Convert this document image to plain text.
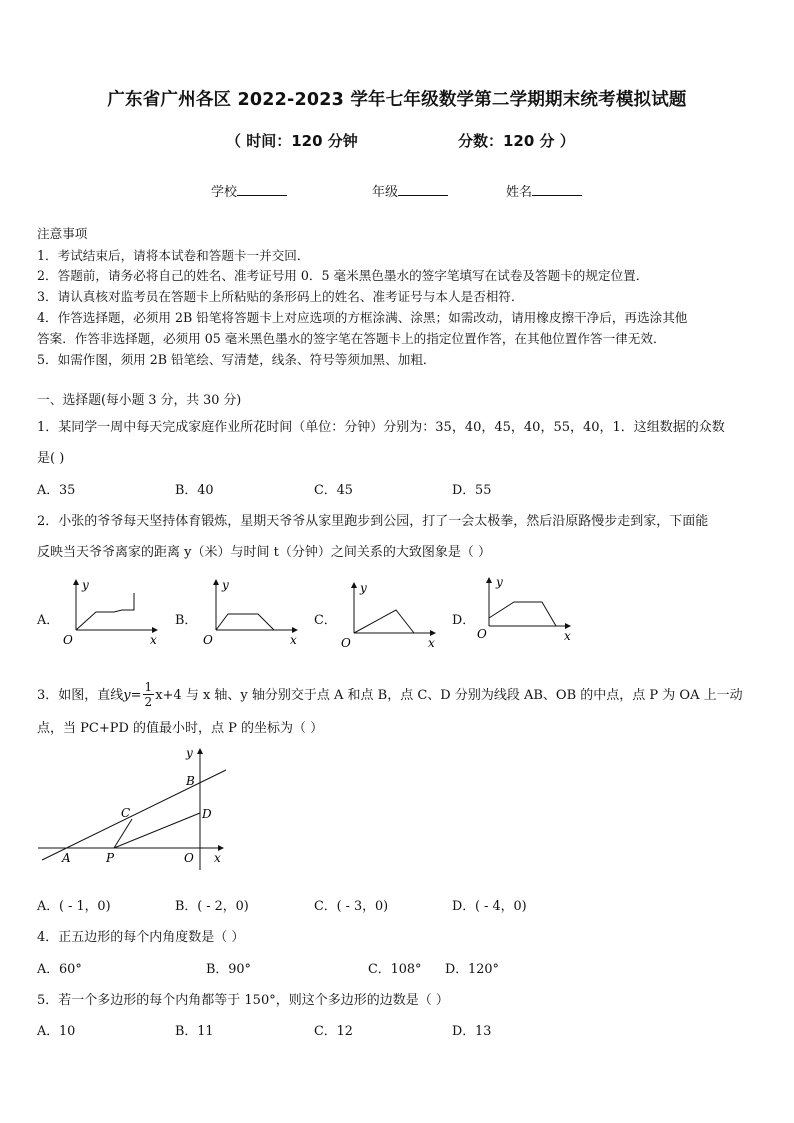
广东省广州各区 2022-2023 学年七年级数学第二学期期末统考模拟试题
（ 时间：120 分钟	分数：120 分 ）
学校	年级	姓名
注意事项
1．考试结束后，请将本试卷和答题卡一并交回．
2．答题前，请务必将自己的姓名、准考证号用 0．5 毫米黑色墨水的签字笔填写在试卷及答题卡的规定位置．
3．请认真核对监考员在答题卡上所粘贴的条形码上的姓名、准考证号与本人是否相符．
4．作答选择题，必须用 2B 铅笔将答题卡上对应选项的方框涂满、涂黑；如需改动，请用橡皮擦干净后，再选涂其他
答案．作答非选择题，必须用 05 毫米黑色墨水的签字笔在答题卡上的指定位置作答，在其他位置作答一律无效．
5．如需作图，须用 2B 铅笔绘、写清楚，线条、符号等须加黑、加粗．
一、选择题(每小题 3 分，共 30 分)
1．某同学一周中每天完成家庭作业所花时间（单位：分钟）分别为：35，40，45，40，55，40，1．这组数据的众数
是( )
A．35	B．40	C．45	D．55
2．小张的爷爷每天坚持体育锻炼，星期天爷爷从家里跑步到公园，打了一会太极拳，然后沿原路慢步走到家，下面能
反映当天爷爷离家的距离 y（米）与时间 t（分钟）之间关系的大致图象是（ ）
A．	B．	C．	D．
y
x
O
y
x
O
y
x
O
y
x
O
3．如图，直线$y= \frac{1}{2} x+4$ 与 x 轴、y 轴分别交于点 A 和点 B，点 C、D 分别为线段 AB、OB 的中点，点 P 为 OA 上一动
点，当 PC+PD 的值最小时，点 P 的坐标为（ ）
y
x
B
C	D
A	P	O
A．( - 1，0)	B．( - 2，0)	C．( - 3，0)	D．( - 4，0)
4．正五边形的每个内角度数是（ ）
A．60°	B．90°	C．108° D．120°
5．若一个多边形的每个内角都等于 150°，则这个多边形的边数是（ ）
A．10	B．11	C．12	D．13
